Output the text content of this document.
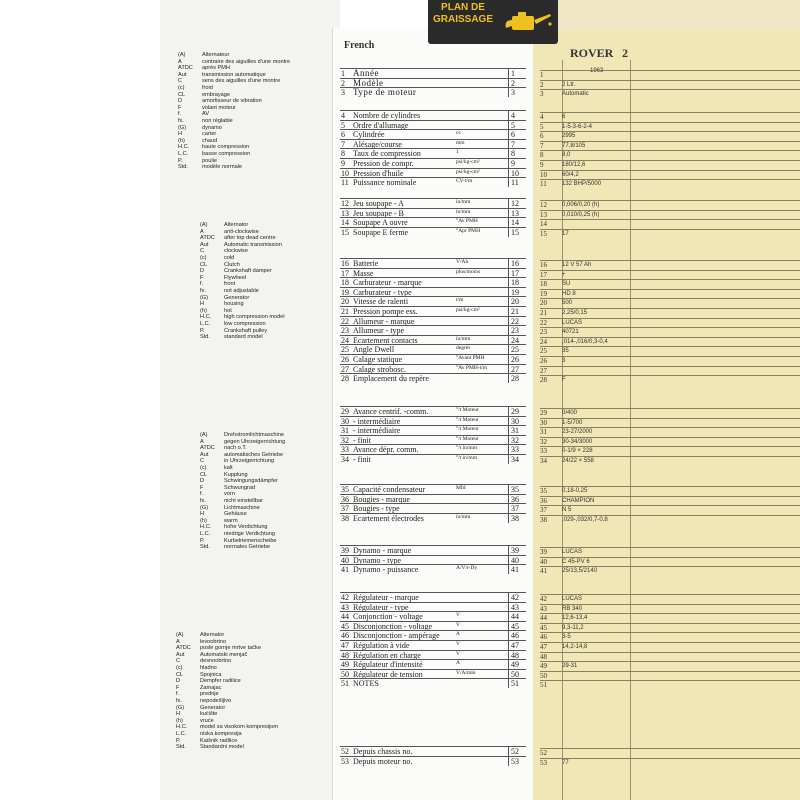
PLAN DE GRAISSAGE
(A)	Alternateur
A	contraire des aiguilles d'une montre
ATDC après PMH
Aut	transmission automatique
C	sens des aiguilles d'une montre
(c)	froid
CL	embrayage
D	amortisseur de vibration
F	volant moteur
f.	AV
fx.	non réglable
(G)	dynamo
H	carter
(h)	chaud
H.C. haute compression
L.C. basse compression
P.	poulie
Std.	modèle normale
(A)	Alternator
A	anti-clockwise
ATDC after top dead centre
Aut	Automatic transmission
C	clockwise
(c)	cold
CL	Clutch
D	Crankshaft damper
F	Flywheel
f.	front
fx.	not adjustable
(G)	Generator
H	housing
(h)	hot
H.C. high compression model
L.C. low compression
P.	Crankshaft pulley
Std.	standard model
(A)	Drehstromlichtmaschine
A	gegen Uhrzeigerrichtung
ATDC nach o.T.
Aut	automatisches Getriebe
C	in Uhrzeigerrichtung
(c)	kalt
CL	Kupplung
D	Schwingungsdämpfer
F	Schwungrad
f.	vorn
fx.	nicht einstellbar
(G)	Lichtmaschine
H	Gehäuse
(h)	warm
H.C. hohe Verdichtung
L.C. niedrige Verdichtung
P.	Kurbelriemenscheibe
Std.	normales Getriebe
(A)	Alternator
A	levoobrtno
ATDC posle gornje mrtve tačke
Aut	Automatski menjač
C	desnoobrtno
(c)	hladno
CL	Spojnica
D	Dempfer radilice
F	Zamajac
f.	prednje
fx.	nepodešljivo
(G)	Generator
H	kućište
(h)	vruće
H.C. model sa visokom kompresijom
L.C. niska kompresija
P.	Kaišnik radilice
Std.	Standardni model
French
1 Année	1
2 Modèle	2
3 Type de moteur	3
4	Nombre de cylindres	4
5	Ordre d'allumage	5
6	Cylindrée	cc	6
7	Alésage/course	mm	7
8	Taux de compression	1	8
9	Pression de compr.	psi/kg-cm²	9
10 Pression d'huile	psi/kg-cm²	10
11 Puissance nominale	CV-t/m	11
12 Jeu soupape - A	in/mm	12
13 Jeu soupape - B	in/mm	13
14 Soupape A ouvre	°Av PMH	14
15 Soupape E ferme	°Apr PMH	15
16 Batterie	V/Ah	16
17 Masse	plus/moins	17
18 Carburateur - marque	18
19 Carburateur - type	19
20 Vitesse de ralenti	t/m	20
21 Pression pompe ess.	psi/kg-cm²	21
22 Allumeur - marque	22
23 Allumeur - type	23
24 Ecartement contacts	in/mm	24
25 Angle Dwell	degrés	25
26 Calage statique	°Avant PMH	26
27 Calage strobosc.	°Av PMH-t/m	27
28 Emplacement du repère	28
29 Avance centrif. -comm.	°/t Moteur	29
30 - intermédiaire	°/t Moteur	30
31 - intermédiaire	°/t Moteur	31
32 - finit	°/t Moteur	32
33 Avance dépr. comm.	°/t in/mm	33
34 - finit	°/t in/mm	34
35 Capacité condensateur	Mfd	35
36 Bougies - marque	36
37 Bougies - type	37
38 Ecartement électrodes	in/mm	38
39 Dynamo - marque	39
40 Dynamo - type	40
41 Dynamo - puissance	A/V/t-Dy	41
42 Régulateur - marque	42
43 Régulateur - type	43
44 Conjonction - voltage	V	44
45 Disconjonction - voltage	V	45
46 Disconjonction - ampérage	A	46
47 Régulation à vide	V	47
48 Régulation en charge	V	48
49 Régulateur d'intensité	A	49
50 Régulateur de tension	V/A/min	50
51 NOTES	51
52 Depuis chassis no.	52
53 Depuis moteur no.	53
ROVER 2
1963
1
2	2 Ltr.
3	Automatic
4	6
5	1-5-3-6-2-4
6	2995
7	77,8/105
8	8,0
9	180/12,6
10	60/4,2
11	132 BHP/5000
12	0,006/0,20 (h)
13	0,010/0,25 (h)
14
15	17
16	12 V 57 Ah
17	+
18	SU
19	HD 8
20	500
21	2,25/0,15
22	LUCAS
23	40721
24	,014-,016/0,3-0,4
25	35
26	3
27
28	F
29	0/400
30	1-5/700
31	23-27/2000
32	30-34/3000
33	0-1/9 × 228
34	24/22 × 558
35	0,18-0,25
36	CHAMPION
37	N 5
38	,029-,032/0,7-0,8
39	LUCAS
40	C 45-PV 6
41	25/13,5/2140
42	LUCAS
43	RB 340
44	12,6-13,4
45	9,3-11,2
46	3-5
47	14,2-14,8
48
49	29-31
50
51
52
53	77
